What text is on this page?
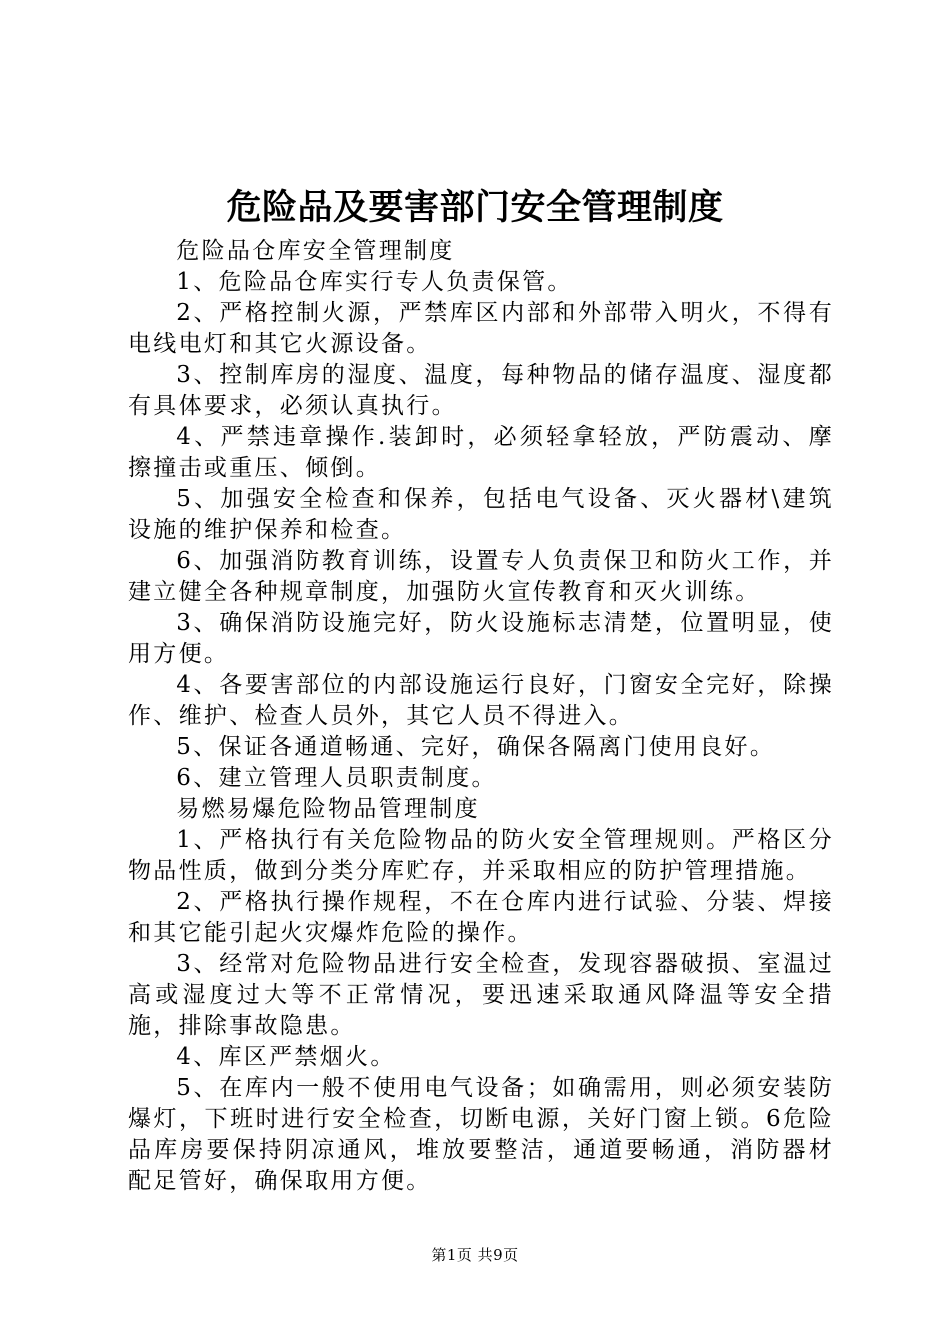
危险品及要害部门安全管理制度

危险品仓库安全管理制度

1、危险品仓库实行专人负责保管。

2、严格控制火源，严禁库区内部和外部带入明火，不得有电线电灯和其它火源设备。

3、控制库房的湿度、温度，每种物品的储存温度、湿度都有具体要求，必须认真执行。

4、严禁违章操作.装卸时，必须轻拿轻放，严防震动、摩擦撞击或重压、倾倒。

5、加强安全检查和保养，包括电气设备、灭火器材\建筑设施的维护保养和检查。

6、加强消防教育训练，设置专人负责保卫和防火工作，并建立健全各种规章制度，加强防火宣传教育和灭火训练。

3、确保消防设施完好，防火设施标志清楚，位置明显，使用方便。

4、各要害部位的内部设施运行良好，门窗安全完好，除操作、维护、检查人员外，其它人员不得进入。

5、保证各通道畅通、完好，确保各隔离门使用良好。

6、建立管理人员职责制度。

易燃易爆危险物品管理制度

1、严格执行有关危险物品的防火安全管理规则。严格区分物品性质，做到分类分库贮存，并采取相应的防护管理措施。

2、严格执行操作规程，不在仓库内进行试验、分装、焊接和其它能引起火灾爆炸危险的操作。

3、经常对危险物品进行安全检查，发现容器破损、室温过高或湿度过大等不正常情况，要迅速采取通风降温等安全措施，排除事故隐患。

4、库区严禁烟火。

5、在库内一般不使用电气设备；如确需用，则必须安装防爆灯，下班时进行安全检查，切断电源，关好门窗上锁。6危险品库房要保持阴凉通风，堆放要整洁，通道要畅通，消防器材配足管好，确保取用方便。

第1页 共9页
